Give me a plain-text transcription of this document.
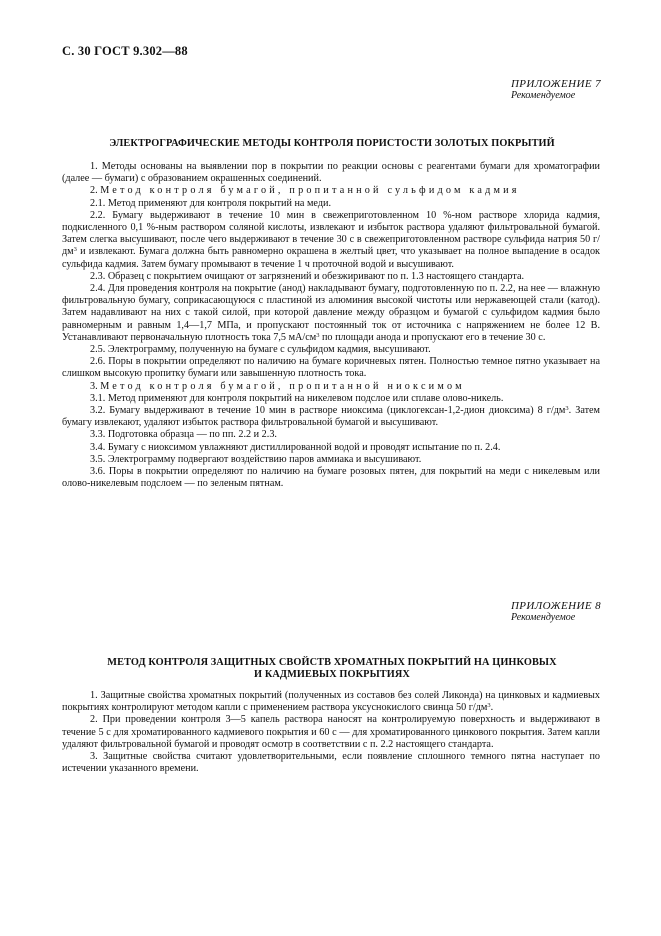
С. 30 ГОСТ 9.302—88
ПРИЛОЖЕНИЕ 7
Рекомендуемое
ЭЛЕКТРОГРАФИЧЕСКИЕ МЕТОДЫ КОНТРОЛЯ ПОРИСТОСТИ ЗОЛОТЫХ ПОКРЫТИЙ

1. Методы основаны на выявлении пор в покрытии по реакции основы с реагентами бумаги для хроматографии (далее — бумаги) с образованием окрашенных соединений.

2. Метод контроля бумагой, пропитанной сульфидом кадмия

2.1. Метод применяют для контроля покрытий на меди.

2.2. Бумагу выдерживают в течение 10 мин в свежеприготовленном 10 %-ном растворе хлорида кадмия, подкисленного 0,1 %-ным раствором соляной кислоты, извлекают и избыток раствора удаляют фильтровальной бумагой. Затем слегка высушивают, после чего выдерживают в течение 30 с в свежеприготовленном растворе сульфида натрия 50 $г/дм^3$ и извлекают. Бумага должна быть равномерно окрашена в желтый цвет, что указывает на полное выпадение в осадок сульфида кадмия. Затем бумагу промывают в течение 1 ч проточной водой и высушивают.

2.3. Образец с покрытием очищают от загрязнений и обезжиривают по п. 1.3 настоящего стандарта.

2.4. Для проведения контроля на покрытие (анод) накладывают бумагу, подготовленную по п. 2.2, на нее — влажную фильтровальную бумагу, соприкасающуюся с пластиной из алюминия высокой чистоты или нержавеющей стали (катод). Затем надавливают на них с такой силой, при которой давление между образцом и бумагой с сульфидом кадмия было равномерным и равным 1,4—1,7 МПа, и пропускают постоянный ток от источника с напряжением не более 12 В. Устанавливают первоначальную плотность тока 7,5 $мА/см^3$ по площади анода и пропускают его в течение 30 с.

2.5. Электрограмму, полученную на бумаге с сульфидом кадмия, высушивают.

2.6. Поры в покрытии определяют по наличию на бумаге коричневых пятен. Полностью темное пятно указывает на слишком высокую пропитку бумаги или завышенную плотность тока.

3. Метод контроля бумагой, пропитанной ниоксимом

3.1. Метод применяют для контроля покрытий на никелевом подслое или сплаве олово-никель.

3.2. Бумагу выдерживают в течение 10 мин в растворе ниоксима (циклогексан-1,2-дион диоксима) 8 $г/дм^3$. Затем бумагу извлекают, удаляют избыток раствора фильтровальной бумагой и высушивают.

3.3. Подготовка образца — по пп. 2.2 и 2.3.

3.4. Бумагу с ниоксимом увлажняют дистиллированной водой и проводят испытание по п. 2.4.

3.5. Электрограмму подвергают воздействию паров аммиака и высушивают.

3.6. Поры в покрытии определяют по наличию на бумаге розовых пятен, для покрытий на меди с никелевым или олово-никелевым подслоем — по зеленым пятнам.

ПРИЛОЖЕНИЕ 8
Рекомендуемое
МЕТОД КОНТРОЛЯ ЗАЩИТНЫХ СВОЙСТВ ХРОМАТНЫХ ПОКРЫТИЙ НА ЦИНКОВЫХ
И КАДМИЕВЫХ ПОКРЫТИЯХ

1. Защитные свойства хроматных покрытий (полученных из составов без солей Ликонда) на цинковых и кадмиевых покрытиях контролируют методом капли с применением раствора уксуснокислого свинца 50 $г/дм^3$.

2. При проведении контроля 3—5 капель раствора наносят на контролируемую поверхность и выдерживают в течение 5 с для хроматированного кадмиевого покрытия и 60 с — для хроматированного цинкового покрытия. Затем капли удаляют фильтровальной бумагой и проводят осмотр в соответствии с п. 2.2 настоящего стандарта.

3. Защитные свойства считают удовлетворительными, если появление сплошного темного пятна наступает по истечении указанного времени.
